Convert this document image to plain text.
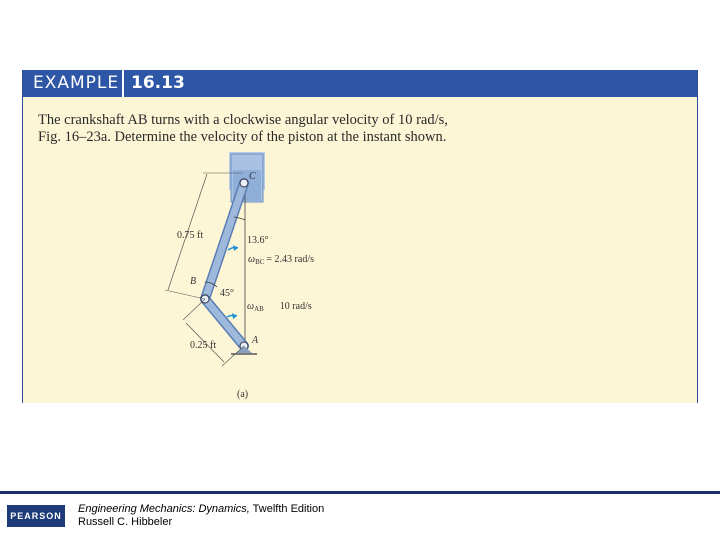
EXAMPLE 16.13
The crankshaft AB turns with a clockwise angular velocity of 10 rad/s,
Fig. 16–23a. Determine the velocity of the piston at the instant shown.
C
B
A
0.75 ft
0.25 ft
13.6°
45°
$\omega_{BC} = 2.43$ rad/s
$\omega_{AB}$ 10 rad/s
(a)
PEARSON
Engineering Mechanics: Dynamics, Twelfth Edition
Russell C. Hibbeler
